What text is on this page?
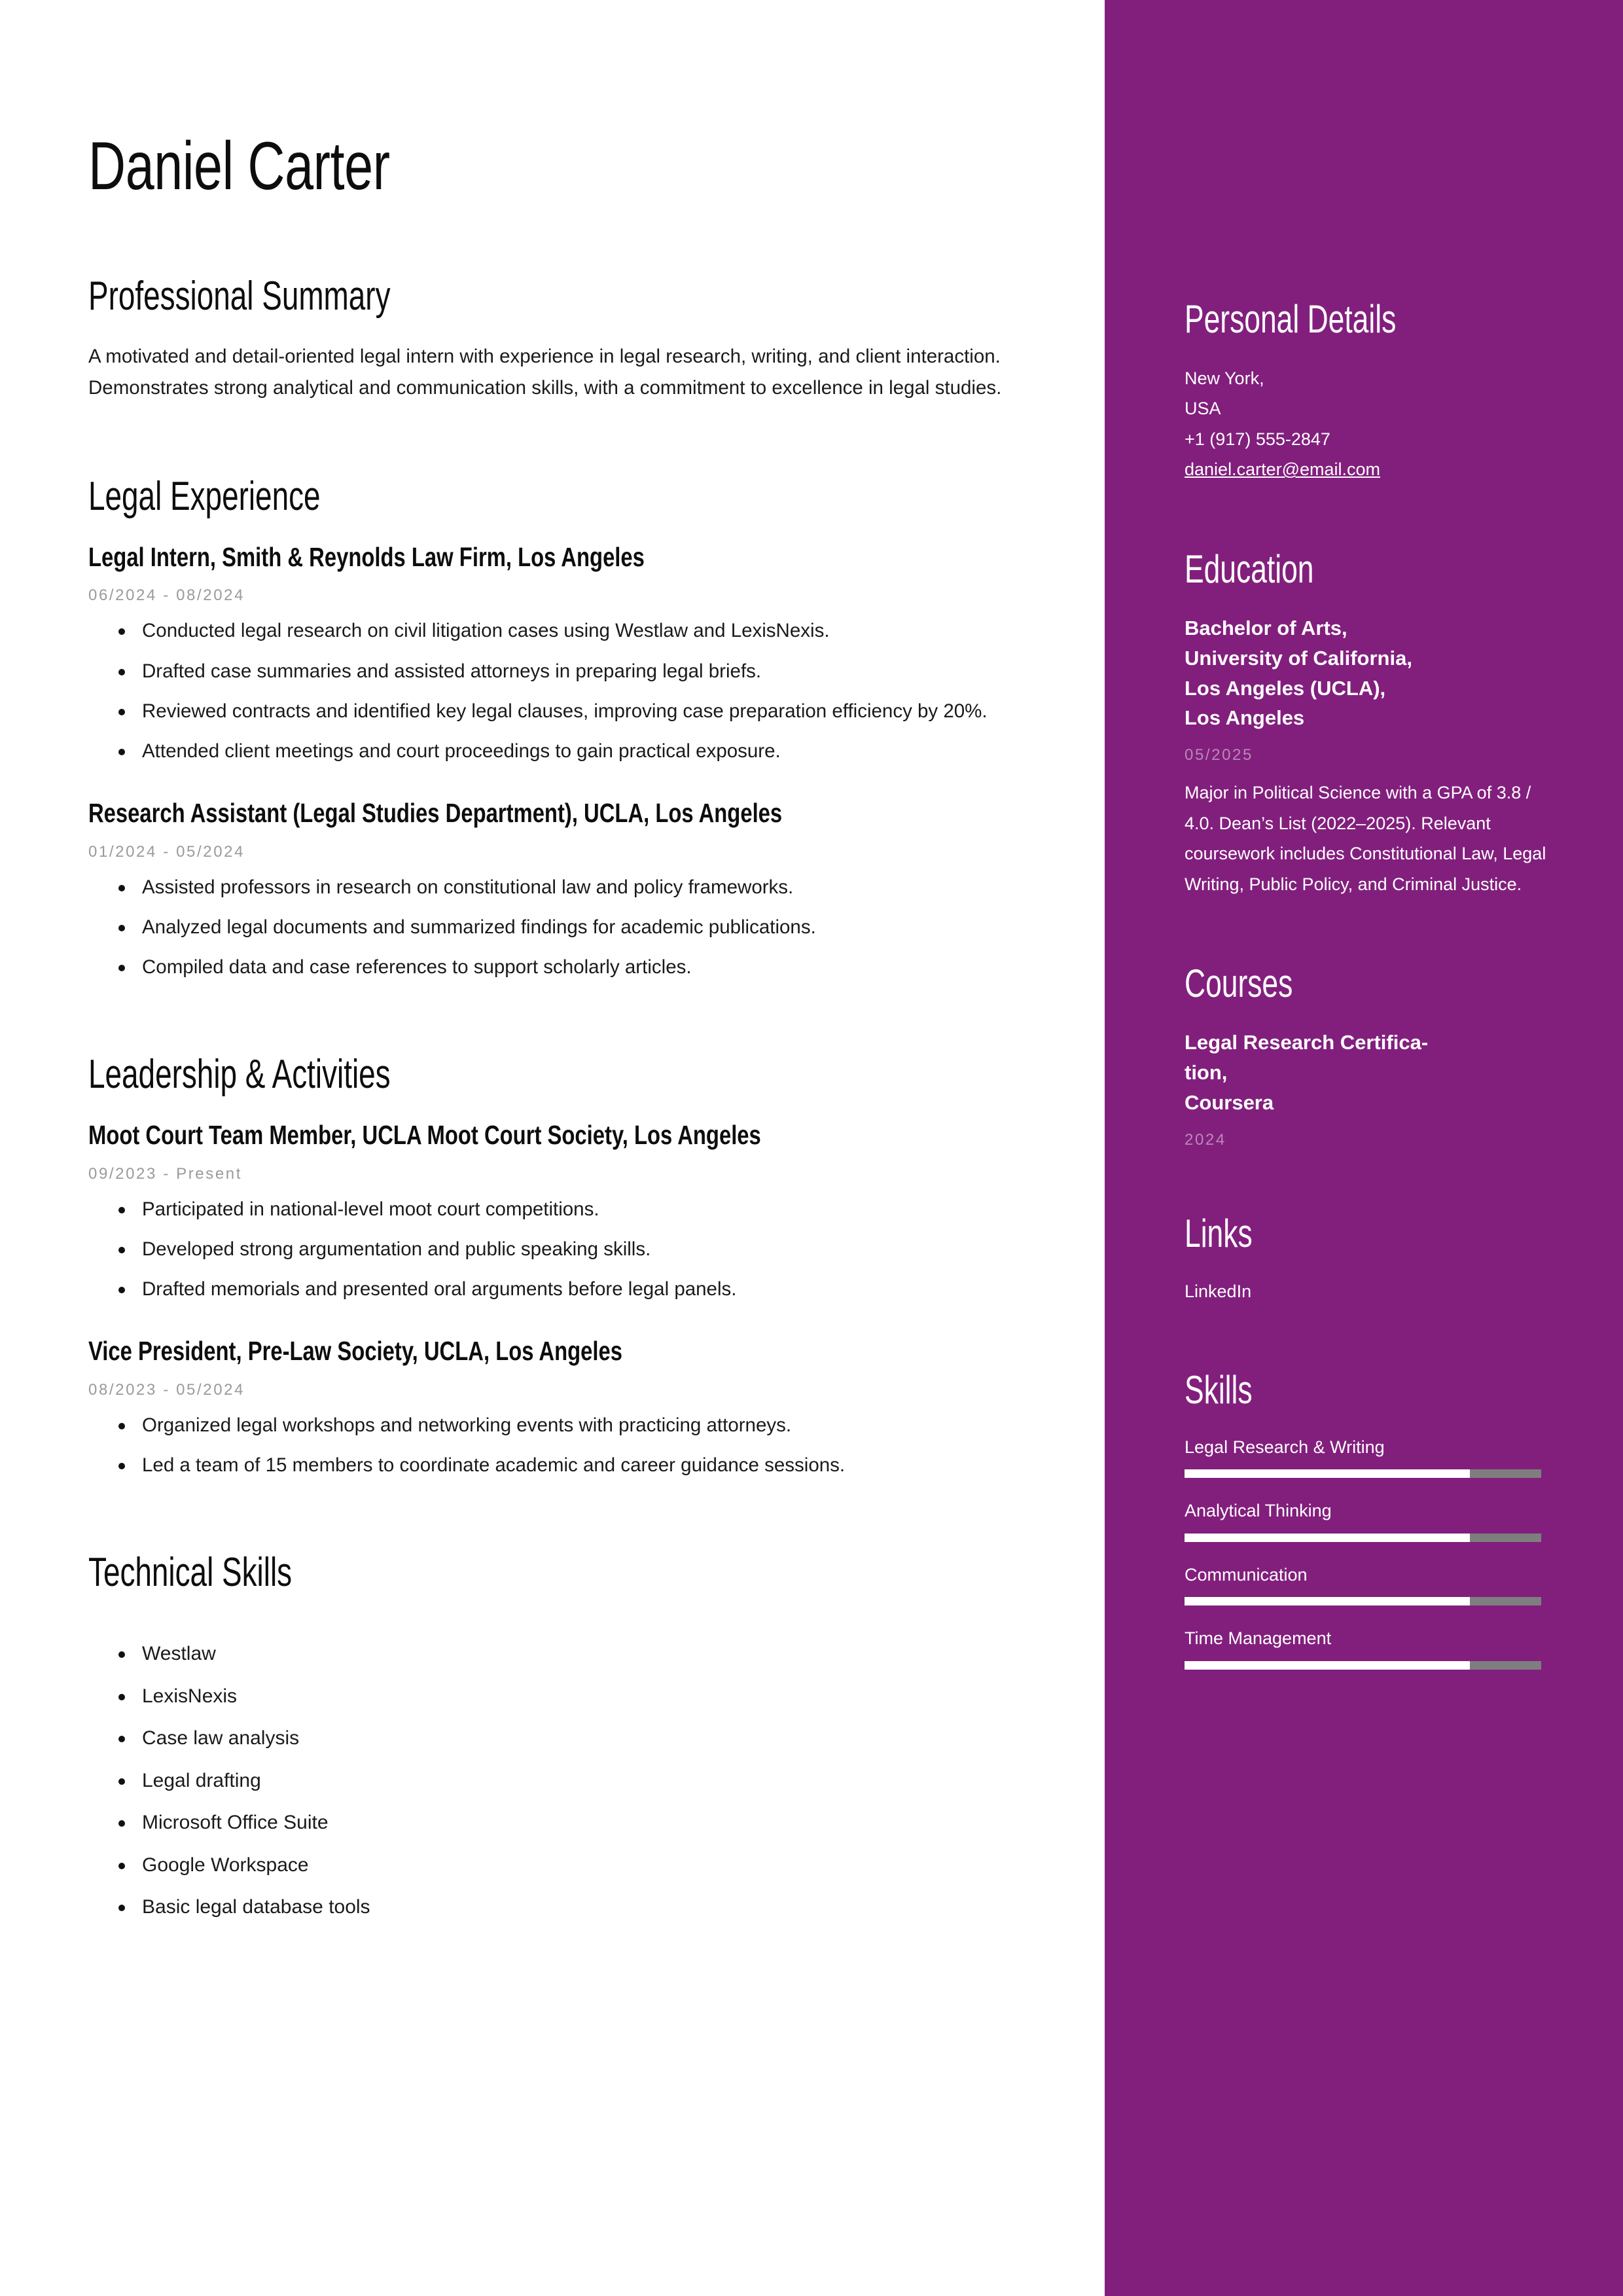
Daniel Carter
Professional Summary

A motivated and detail-oriented legal intern with experience in legal research, writing, and client interaction. Demonstrates strong analytical and communication skills, with a commitment to excellence in legal studies.

Legal Experience
Legal Intern, Smith & Reynolds Law Firm, Los Angeles
06/2024 - 08/2024
Conducted legal research on civil litigation cases using Westlaw and LexisNexis.
Drafted case summaries and assisted attorneys in preparing legal briefs.
Reviewed contracts and identified key legal clauses, improving case preparation efficiency by 20%.
Attended client meetings and court proceedings to gain practical exposure.
Research Assistant (Legal Studies Department), UCLA, Los Angeles
01/2024 - 05/2024
Assisted professors in research on constitutional law and policy frameworks.
Analyzed legal documents and summarized findings for academic publications.
Compiled data and case references to support scholarly articles.
Leadership & Activities
Moot Court Team Member, UCLA Moot Court Society, Los Angeles
09/2023 - Present
Participated in national-level moot court competitions.
Developed strong argumentation and public speaking skills.
Drafted memorials and presented oral arguments before legal panels.
Vice President, Pre-Law Society, UCLA, Los Angeles
08/2023 - 05/2024
Organized legal workshops and networking events with practicing attorneys.
Led a team of 15 members to coordinate academic and career guidance sessions.
Technical Skills
Westlaw
LexisNexis
Case law analysis
Legal drafting
Microsoft Office Suite
Google Workspace
Basic legal database tools
Personal Details
New York,
USA
+1 (917) 555-2847
daniel.carter@email.com
Education
Bachelor of Arts,
University of California,
Los Angeles (UCLA),
Los Angeles
05/2025
Major in Political Science with a GPA of 3.8 / 4.0. Dean’s List (2022–2025). Relevant coursework includes Constitutional Law, Legal Writing, Public Policy, and Criminal Justice.
Courses
Legal Research Certifica-
tion,
Coursera
2024
Links
LinkedIn
Skills
Legal Research & Writing
Analytical Thinking
Communication
Time Management
